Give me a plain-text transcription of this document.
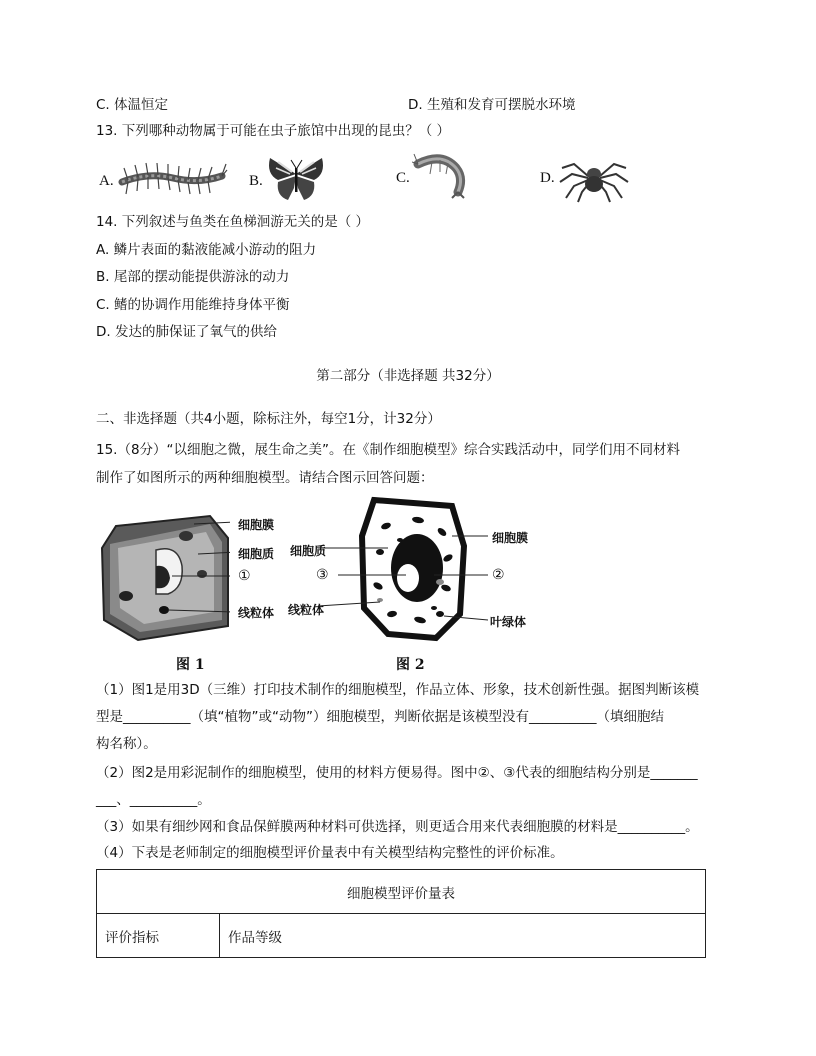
C. 体温恒定	D. 生殖和发育可摆脱水环境
13. 下列哪种动物属于可能在虫子旅馆中出现的昆虫？（ ）
A.	B.	C.	D.
14. 下列叙述与鱼类在鱼梯洄游无关的是（ ）
A. 鳞片表面的黏液能减小游动的阻力
B. 尾部的摆动能提供游泳的动力
C. 鳍的协调作用能维持身体平衡
D. 发达的肺保证了氧气的供给
第二部分（非选择题 共32分）
二、非选择题（共4小题，除标注外，每空1分，计32分）
15.（8分）“以细胞之微，展生命之美”。在《制作细胞模型》综合实践活动中，同学们用不同材料
制作了如图所示的两种细胞模型。请结合图示回答问题：
细胞膜
细胞质
①
线粒体
图 1
细胞质
③
线粒体
细胞膜
②
叶绿体
图 2
（1）图1是用3D（三维）打印技术制作的细胞模型，作品立体、形象，技术创新性强。据图判断该模
型是__________（填“植物”或“动物”）细胞模型，判断依据是该模型没有__________（填细胞结
构名称）。
（2）图2是用彩泥制作的细胞模型，使用的材料方便易得。图中②、③代表的细胞结构分别是_______
___、__________。
（3）如果有细纱网和食品保鲜膜两种材料可供选择，则更适合用来代表细胞膜的材料是__________。
（4）下表是老师制定的细胞模型评价量表中有关模型结构完整性的评价标准。
细胞模型评价量表
评价指标	作品等级
